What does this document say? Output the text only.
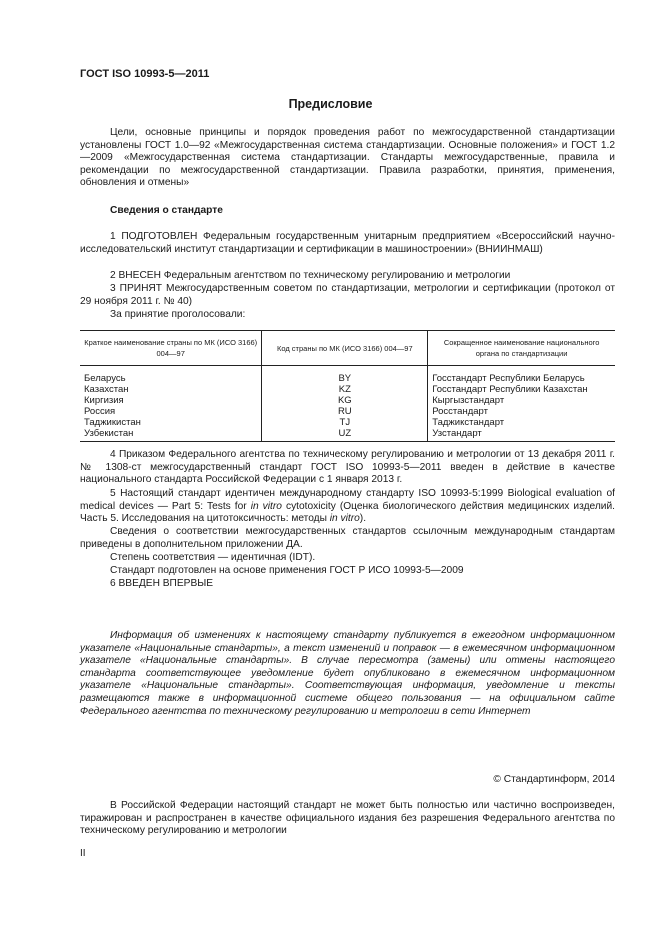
ГОСТ ISO 10993-5—2011
Предисловие

Цели, основные принципы и порядок проведения работ по межгосударственной стандартизации установлены ГОСТ 1.0—92 «Межгосударственная система стандартизации. Основные положения» и ГОСТ 1.2—2009 «Межгосударственная система стандартизации. Стандарты межгосударственные, правила и рекомендации по межгосударственной стандартизации. Правила разработки, принятия, применения, обновления и отмены»

Сведения о стандарте

1 ПОДГОТОВЛЕН Федеральным государственным унитарным предприятием «Всероссийский научно-исследовательский институт стандартизации и сертификации в машиностроении» (ВНИИНМАШ)

2 ВНЕСЕН Федеральным агентством по техническому регулированию и метрологии

3 ПРИНЯТ Межгосударственным советом по стандартизации, метрологии и сертификации (протокол от 29 ноября 2011 г. № 40)

За принятие проголосовали:

Краткое наименование страны по МК (ИСО 3166) 004—97	Код страны по МК (ИСО 3166) 004—97	Сокращенное наименование национального органа по стандартизации
Беларусь	BY	Госстандарт Республики Беларусь
Казахстан	KZ	Госстандарт Республики Казахстан
Киргизия	KG	Кыргызстандарт
Россия	RU	Росстандарт
Таджикистан	TJ	Таджикстандарт
Узбекистан	UZ	Узстандарт

4 Приказом Федерального агентства по техническому регулированию и метрологии от 13 декабря 2011 г. № 1308-ст межгосударственный стандарт ГОСТ ISO 10993-5—2011 введен в действие в качестве национального стандарта Российской Федерации с 1 января 2013 г.

5 Настоящий стандарт идентичен международному стандарту ISO 10993-5:1999 Biological evaluation of medical devices — Part 5: Tests for in vitro cytotoxicity (Оценка биологического действия медицинских изделий. Часть 5. Исследования на цитотоксичность: методы in vitro).

Сведения о соответствии межгосударственных стандартов ссылочным международным стандартам приведены в дополнительном приложении ДА.

Степень соответствия — идентичная (IDT).

Стандарт подготовлен на основе применения ГОСТ Р ИСО 10993-5—2009

6 ВВЕДЕН ВПЕРВЫЕ

Информация об изменениях к настоящему стандарту публикуется в ежегодном информационном указателе «Национальные стандарты», а текст изменений и поправок — в ежемесячном информационном указателе «Национальные стандарты». В случае пересмотра (замены) или отмены настоящего стандарта соответствующее уведомление будет опубликовано в ежемесячном информационном указателе «Национальные стандарты». Соответствующая информация, уведомление и тексты размещаются также в информационной системе общего пользования — на официальном сайте Федерального агентства по техническому регулированию и метрологии в сети Интернет

© Стандартинформ, 2014

В Российской Федерации настоящий стандарт не может быть полностью или частично воспроизведен, тиражирован и распространен в качестве официального издания без разрешения Федерального агентства по техническому регулированию и метрологии

II
